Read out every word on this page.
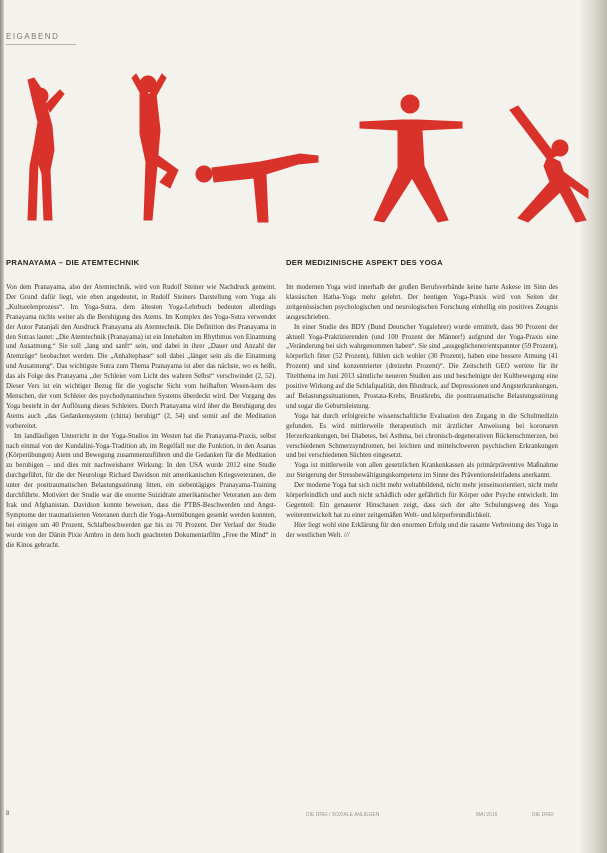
EIGABEND
PRANAYAMA – DIE ATEMTECHNIK

Von dem Pranayama, also der Atemtechnik, wird von Rudolf Steiner wie Nachdruck gemeint. Der Grund dafür liegt, wie eben angedeutet, in Rudolf Steiners Darstellung vom Yoga als „Kultseelenprozess“. Im Yoga-Sutra, dem ältesten Yoga-Lehrbuch bedeuten allerdings Pranayama nichts weiter als die Beruhigung des Atems. Im Komplex des Yoga-Sutra verwendet der Autor Patanjali den Ausdruck Pranayama als Atemtechnik. Die Definition des Pranayama in den Sutras lautet: „Die Atemtechnik (Pranayama) ist ein Innehalten im Rhythmus von Einatmung und Ausatmung.“ Sie soll „lang und sanft“ sein, und dabei in ihrer „Dauer und Anzahl der Atemzüge“ beobachtet werden. Die „Anhaltephase“ soll dabei „länger sein als die Einatmung und Ausatmung“. Das wichtigste Sutra zum Thema Pranayama ist aber das nächste, wo es heißt, das als Folge des Pranayama „der Schleier vom Licht des wahren Selbst“ verschwindet (2, 52). Dieser Vers ist ein wichtiger Bezug für die yogische Sicht vom heilhaften Wesen-kern des Menschen, der vom Schleier des psychodynamischen Systems überdeckt wird. Der Vorgang des Yoga besteht in der Auflösung dieses Schleiers. Durch Pranayama wird über die Beruhigung des Atems auch „das Gedankensystem (chitta) beruhigt“ (2, 54) und somit auf die Meditation vorbereitet.

Im landläufigen Unterricht in der Yoga-Studios im Westen hat die Pranayama-Praxis, selbst nach einmal von der Kundalini-Yoga-Tradition ab, im Regelfall nur die Funktion, in den Asanas (Körperübungen) Atem und Bewegung zusammenzuführen und die Gedanken für die Meditation zu beruhigen – und dies mit nachweisbarer Wirkung: In den USA wurde 2012 eine Studie durchgeführt, für die der Neurologe Richard Davidson mit amerikanischen Kriegsveteranen, die unter der posttraumatischen Belastungsstörung litten, ein siebentägiges Pranayama-Training durchführte. Motiviert der Studie war die enorme Suizidrate amerikanischer Veteranen aus dem Irak und Afghanistan. Davidson konnte beweisen, dass die PTBS-Beschwerden und Angst-Symptome der traumatisierten Veteranen durch die Yoga-Atemübungen gesenkt werden konnten, bei einigen um 40 Prozent, Schlafbeschwerden gar bis zu 70 Prozent. Der Verlauf der Studie wurde von der Dänin Pixie Ambro in dem hoch geachteten Dokumentarfilm „Free the Mind“ in die Kinos gebracht.

DER MEDIZINISCHE ASPEKT DES YOGA

Im modernen Yoga wird innerhalb der großen Berufsverbände keine harte Askese im Sinn des klassischen Hatha-Yoga mehr gelehrt. Der heutigen Yoga-Praxis wird von Seiten der zeitgenössischen psychologischen und neurologischen Forschung einhellig ein positives Zeugnis ausgeschrieben.

In einer Studie des BDY (Bund Deutscher Yogalehrer) wurde ermittelt, dass 90 Prozent der aktuell Yoga-Praktizierenden (und 100 Prozent der Männer!) aufgrund der Yoga-Praxis eine „Veränderung bei sich wahrgenommen haben“. Sie sind „ausgeglichener/entspannter (59 Prozent), körperlich fitter (52 Prozent), fühlen sich wohler (30 Prozent), haben eine bessere Atmung (41 Prozent) und sind konzentrierter (dreizehn Prozent)“. Die Zeitschrift GEO wertete für ihr Titelthema im Juni 2013 sämtliche neueren Studien aus und bescheinigte der Kultbewegung eine positive Wirkung auf die Schlafqualität, den Blutdruck, auf Depressionen und Angsterkrankungen, auf Belastungssituationen, Prostata-Krebs, Brustkrebs, die posttraumatische Belastungsstörung und sogar die Geburtsleistung.

Yoga hat durch erfolgreiche wissenschaftliche Evaluation den Zugang in die Schulmedizin gefunden. Es wird mittlerweile therapeutisch mit ärztlicher Anweisung bei koronaren Herzerkrankungen, bei Diabetes, bei Asthma, bei chronisch-degenerativen Rückenschmerzen, bei verschiedenen Schmerzsyndromen, bei leichten und mittelschweren psychischen Erkrankungen und bei verschiedenen Süchten eingesetzt.

Yoga ist mittlerweile von allen gesetzlichen Krankenkassen als primärpräventive Maßnahme zur Steigerung der Stressbewältigungskompetenz im Sinne des Präventionsleitfadens anerkannt.

Der moderne Yoga hat sich nicht mehr weltabbildend, nicht mehr jenseitsorientiert, nicht mehr körperfeindlich und auch nicht schädlich oder gefährlich für Körper oder Psyche entwickelt. Im Gegenteil: Ein genauerer Hinschauen zeigt, dass sich der alte Schulungsweg des Yoga weiterentwickelt hat zu einer zeitgemäßen Welt- und körperfreundlichkeit.

Hier liegt wohl eine Erklärung für den enormen Erfolg und die rasante Verbreitung des Yoga in der westlichen Welt. ///

8	DIE DREI / SOZIALE ANLIEGEN	MAI 2015	DIE DREI
